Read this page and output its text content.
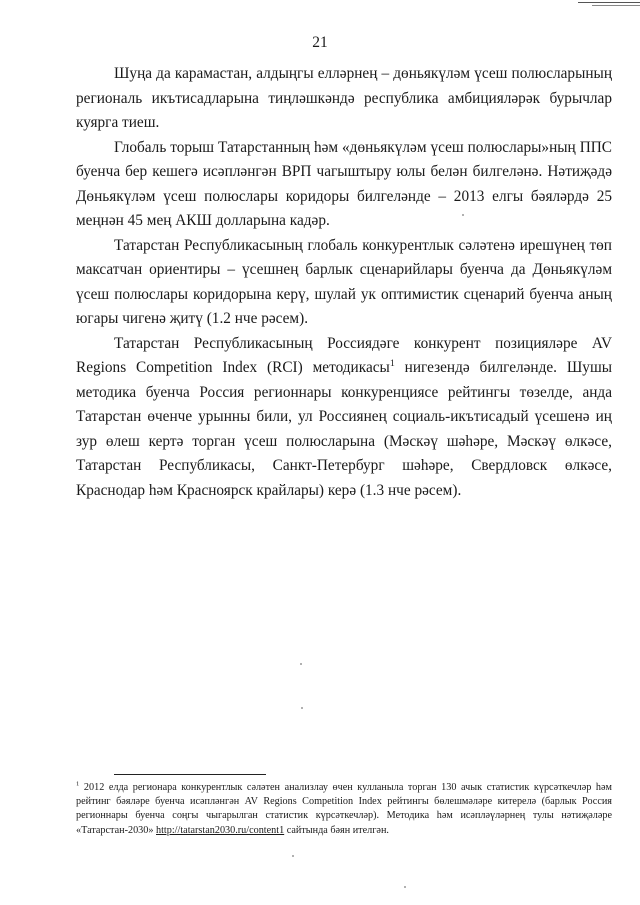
21

Шуңа да карамастан, алдыңгы елләрнең – дөньякүләм үсеш полюсларының региональ икътисадларына тиңләшкәндә республика амбицияләрәк бурычлар куярга тиеш.

Глобаль торыш Татарстанның һәм «дөньякүләм үсеш полюслары»ның ППС буенча бер кешегә исәпләнгән ВРП чагыштыру юлы белән билгеләнә. Нәтиҗәдә Дөньякүләм үсеш полюслары коридоры билгеләнде – 2013 елгы бәяләрдә 25 меңнән 45 мең АКШ долларына кадәр.

Татарстан Республикасының глобаль конкурентлык сәләтенә ирешүнең төп максатчан ориентиры – үсешнең барлык сценарийлары буенча да Дөньякүләм үсеш полюслары коридорына керү, шулай ук оптимистик сценарий буенча аның югары чигенә җитү (1.2 нче рәсем).

Татарстан Республикасының Россиядәге конкурент позицияләре AV Regions Competition Index (RCI) методикасы$^1$ нигезендә билгеләнде. Шушы методика буенча Россия регионнары конкуренциясе рейтингы төзелде, анда Татарстан өченче урынны били, ул Россиянең социаль-икътисадый үсешенә иң зур өлеш кертә торган үсеш полюсларына (Мәскәү шәһәре, Мәскәү өлкәсе, Татарстан Республикасы, Санкт-Петербург шәһәре, Свердловск өлкәсе, Краснодар һәм Красноярск крайлары) керә (1.3 нче рәсем).

$^1$ 2012 елда регионара конкурентлык сәләтен анализлау өчен кулланыла торган 130 ачык статистик күрсәткечләр һәм рейтинг бәяләре буенча исәпләнгән AV Regions Competition Index рейтингы бөлешмәләре китерелә (барлык Россия регионнары буенча соңгы чыгарылган статистик күрсәткечләр). Методика һәм исәпләүләрнең тулы нәтиҗәләре «Татарстан-2030» http://tatarstan2030.ru/content1 сайтында бәян ителгән.
